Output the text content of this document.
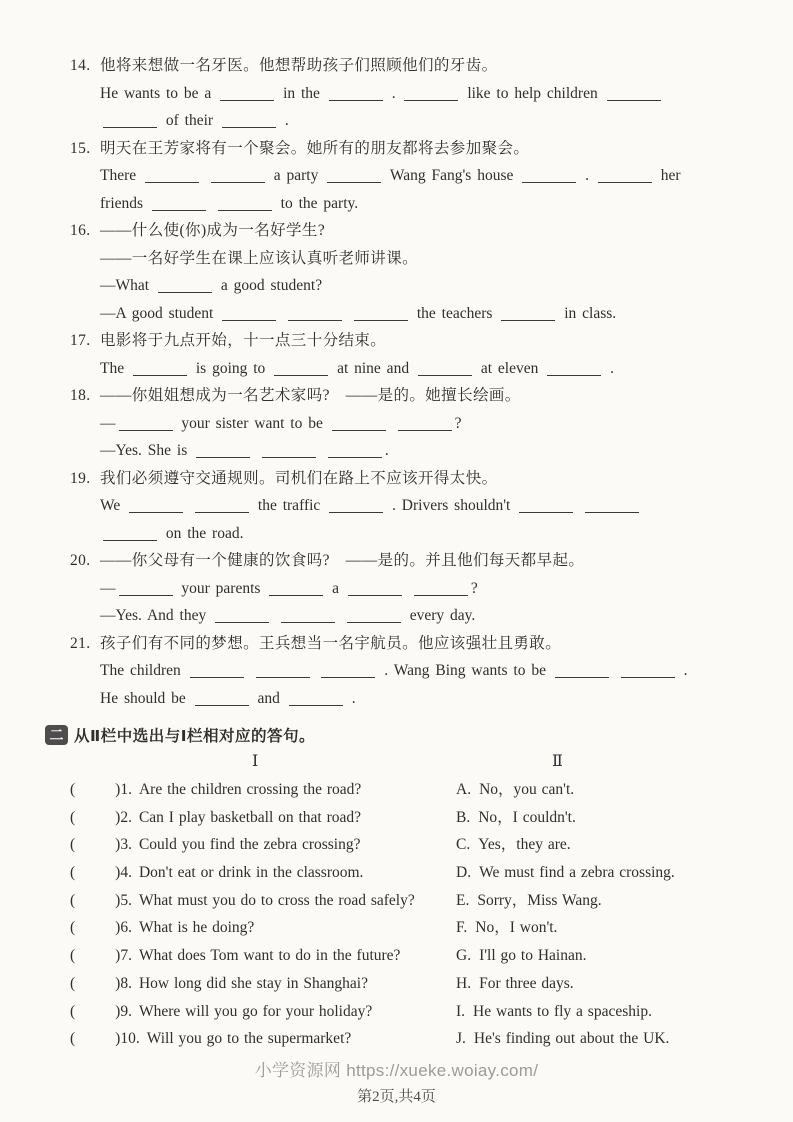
14. 他将来想做一名牙医。他想帮助孩子们照顾他们的牙齿。
He wants to be a	in the	.	like to help children
of their	.
15. 明天在王芳家将有一个聚会。她所有的朋友都将去参加聚会。
There	a party	Wang Fang's house	.	her
friends	to the party.
16. ——什么使(你)成为一名好学生?
——一名好学生在课上应该认真听老师讲课。
—What	a good student?
—A good student	the teachers	in class.
17. 电影将于九点开始，十一点三十分结束。
The	is going to	at nine and	at eleven	.
18. ——你姐姐想成为一名艺术家吗?　——是的。她擅长绘画。
—	your sister want to be	?
—Yes. She is	.
19. 我们必须遵守交通规则。司机们在路上不应该开得太快。
We	the traffic	. Drivers shouldn't
on the road.
20. ——你父母有一个健康的饮食吗?　——是的。并且他们每天都早起。
—	your parents	a	?
—Yes. And they	every day.
21. 孩子们有不同的梦想。王兵想当一名宇航员。他应该强壮且勇敢。
The children	. Wang Bing wants to be	.
He should be	and	.
二 从Ⅱ栏中选出与Ⅰ栏相对应的答句。
Ⅰ	Ⅱ
(	)1. Are the children crossing the road?	A. No，you can't.
(	)2. Can I play basketball on that road?	B. No，I couldn't.
(	)3. Could you find the zebra crossing?	C. Yes，they are.
(	)4. Don't eat or drink in the classroom.	D. We must find a zebra crossing.
(	)5. What must you do to cross the road safely?	E. Sorry，Miss Wang.
(	)6. What is he doing?	F. No，I won't.
(	)7. What does Tom want to do in the future?	G. I'll go to Hainan.
(	)8. How long did she stay in Shanghai?	H. For three days.
(	)9. Where will you go for your holiday?	I. He wants to fly a spaceship.
(	)10. Will you go to the supermarket?	J. He's finding out about the UK.
小学资源网 https://xueke.woiay.com/
第2页,共4页
